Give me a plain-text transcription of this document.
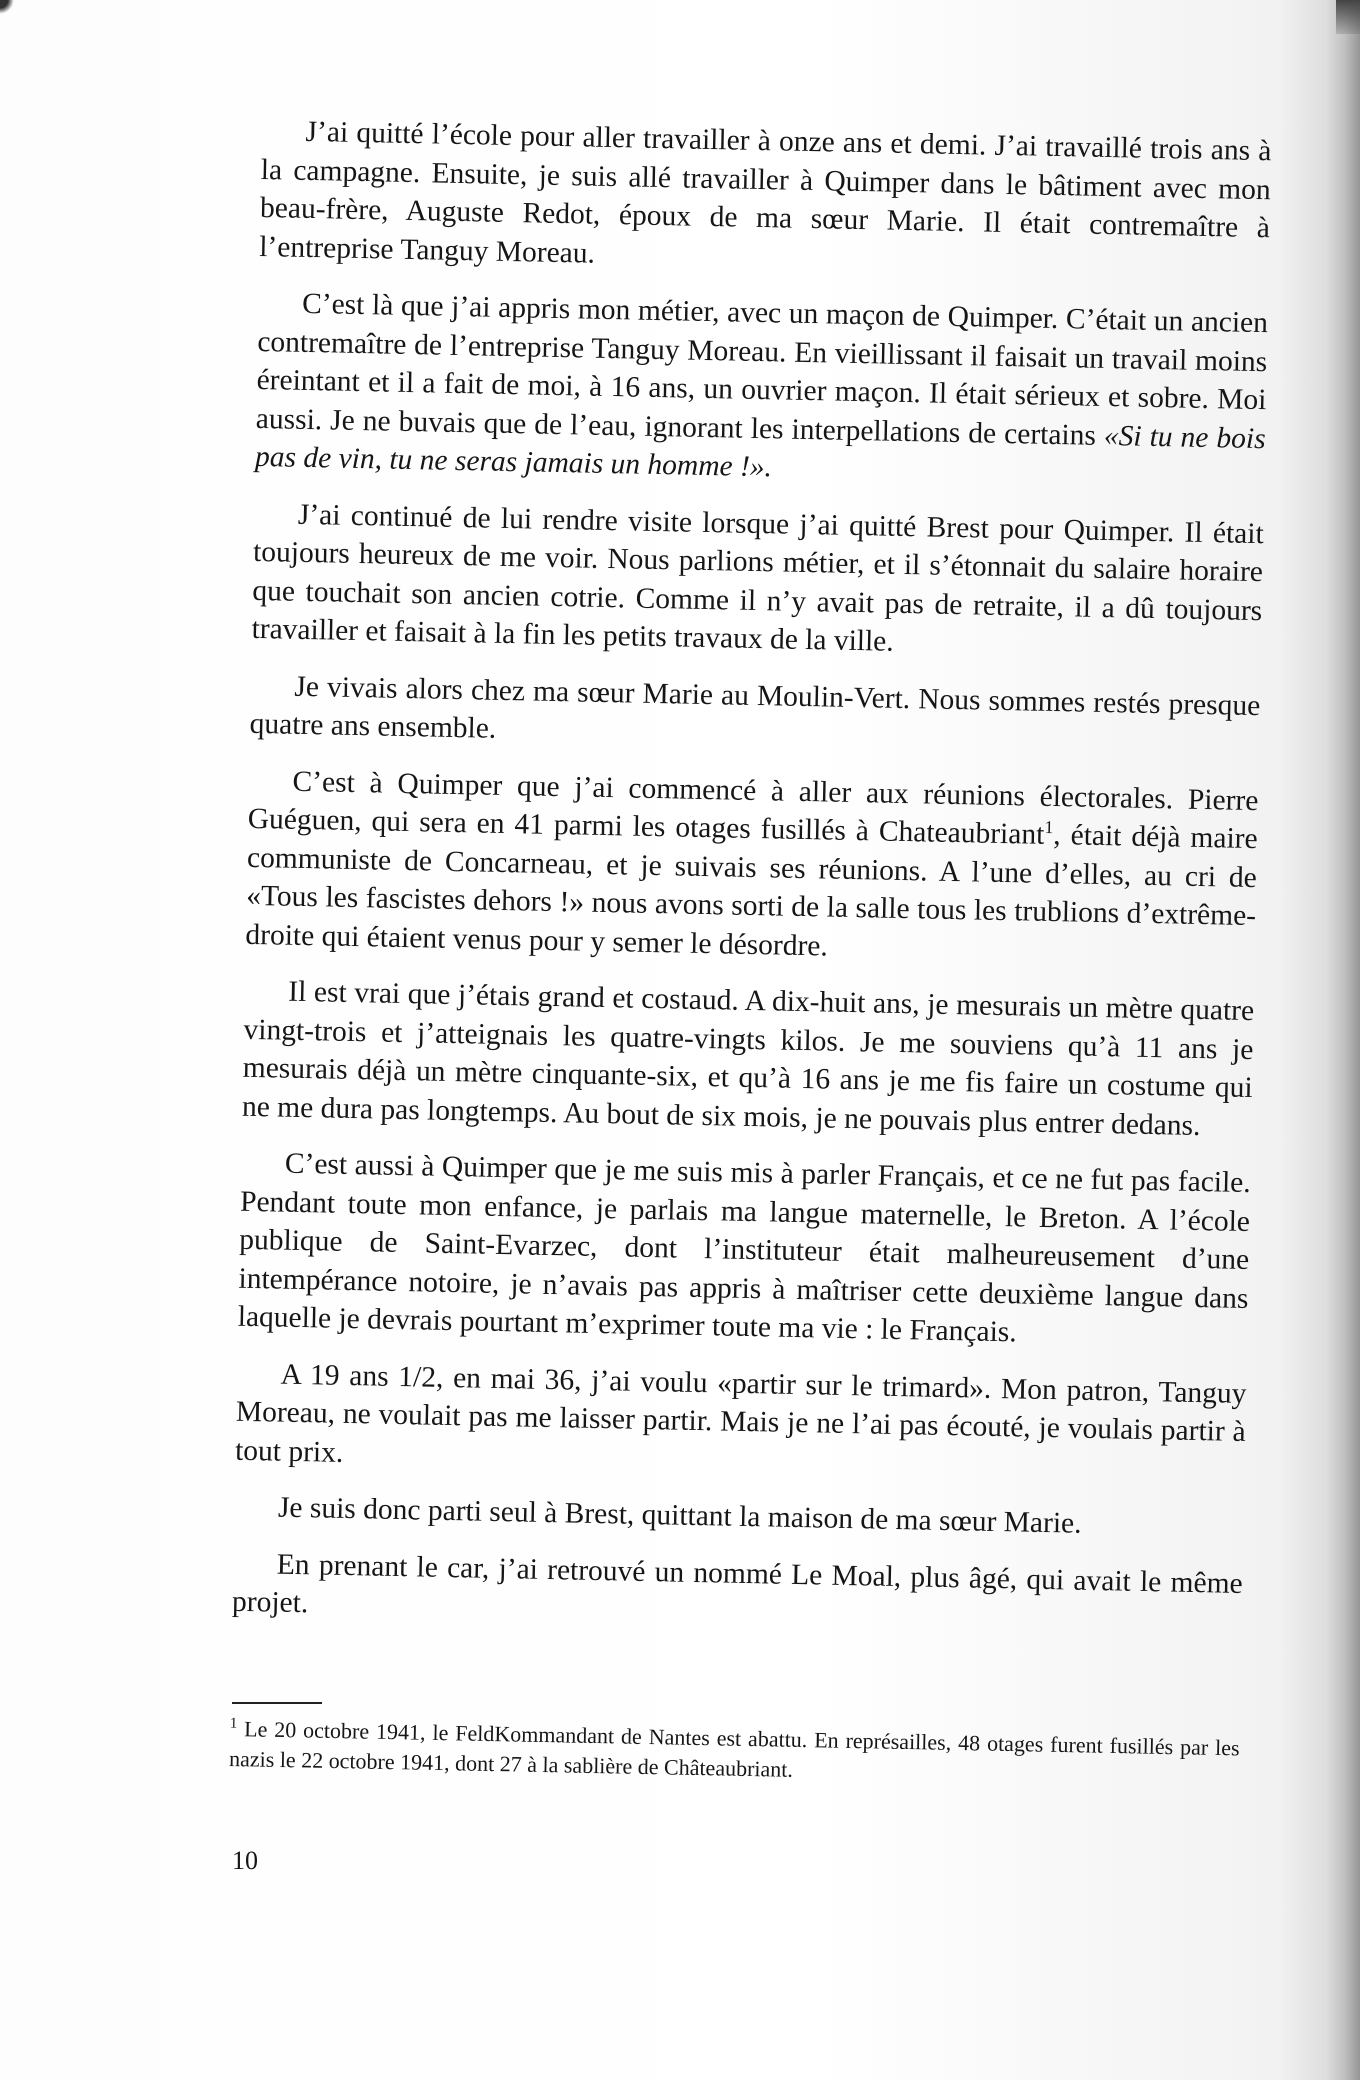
J’ai quitté l’école pour aller travailler à onze ans et demi. J’ai travaillé trois ans à la campagne. Ensuite, je suis allé travailler à Quimper dans le bâtiment avec mon beau-frère, Auguste Redot, époux de ma sœur Marie. Il était contremaître à l’entreprise Tanguy Moreau.

C’est là que j’ai appris mon métier, avec un maçon de Quimper. C’était un ancien contremaître de l’entreprise Tanguy Moreau. En vieillissant il faisait un travail moins éreintant et il a fait de moi, à 16 ans, un ouvrier maçon. Il était sérieux et sobre. Moi aussi. Je ne buvais que de l’eau, ignorant les interpellations de certains «Si tu ne bois pas de vin, tu ne seras jamais un homme !».

J’ai continué de lui rendre visite lorsque j’ai quitté Brest pour Quimper. Il était toujours heureux de me voir. Nous parlions métier, et il s’étonnait du salaire horaire que touchait son ancien cotrie. Comme il n’y avait pas de retraite, il a dû toujours travailler et faisait à la fin les petits travaux de la ville.

Je vivais alors chez ma sœur Marie au Moulin-Vert. Nous sommes restés presque quatre ans ensemble.

C’est à Quimper que j’ai commencé à aller aux réunions électorales. Pierre Guéguen, qui sera en 41 parmi les otages fusillés à Chateaubriant$^1$, était déjà maire communiste de Concarneau, et je suivais ses réunions. A l’une d’elles, au cri de «Tous les fascistes dehors !» nous avons sorti de la salle tous les trublions d’extrême-droite qui étaient venus pour y semer le désordre.

Il est vrai que j’étais grand et costaud. A dix-huit ans, je mesurais un mètre quatre vingt-trois et j’atteignais les quatre-vingts kilos. Je me souviens qu’à 11 ans je mesurais déjà un mètre cinquante-six, et qu’à 16 ans je me fis faire un costume qui ne me dura pas longtemps. Au bout de six mois, je ne pouvais plus entrer dedans.

C’est aussi à Quimper que je me suis mis à parler Français, et ce ne fut pas facile. Pendant toute mon enfance, je parlais ma langue maternelle, le Breton. A l’école publique de Saint-Evarzec, dont l’instituteur était malheureusement d’une intempérance notoire, je n’avais pas appris à maîtriser cette deuxième langue dans laquelle je devrais pourtant m’exprimer toute ma vie : le Français.

A 19 ans 1/2, en mai 36, j’ai voulu «partir sur le trimard». Mon patron, Tanguy Moreau, ne voulait pas me laisser partir. Mais je ne l’ai pas écouté, je voulais partir à tout prix.

Je suis donc parti seul à Brest, quittant la maison de ma sœur Marie.

En prenant le car, j’ai retrouvé un nommé Le Moal, plus âgé, qui avait le même projet.

$^1$ Le 20 octobre 1941, le FeldKommandant de Nantes est abattu. En représailles, 48 otages furent fusillés par les nazis le 22 octobre 1941, dont 27 à la sablière de Châteaubriant.
10
